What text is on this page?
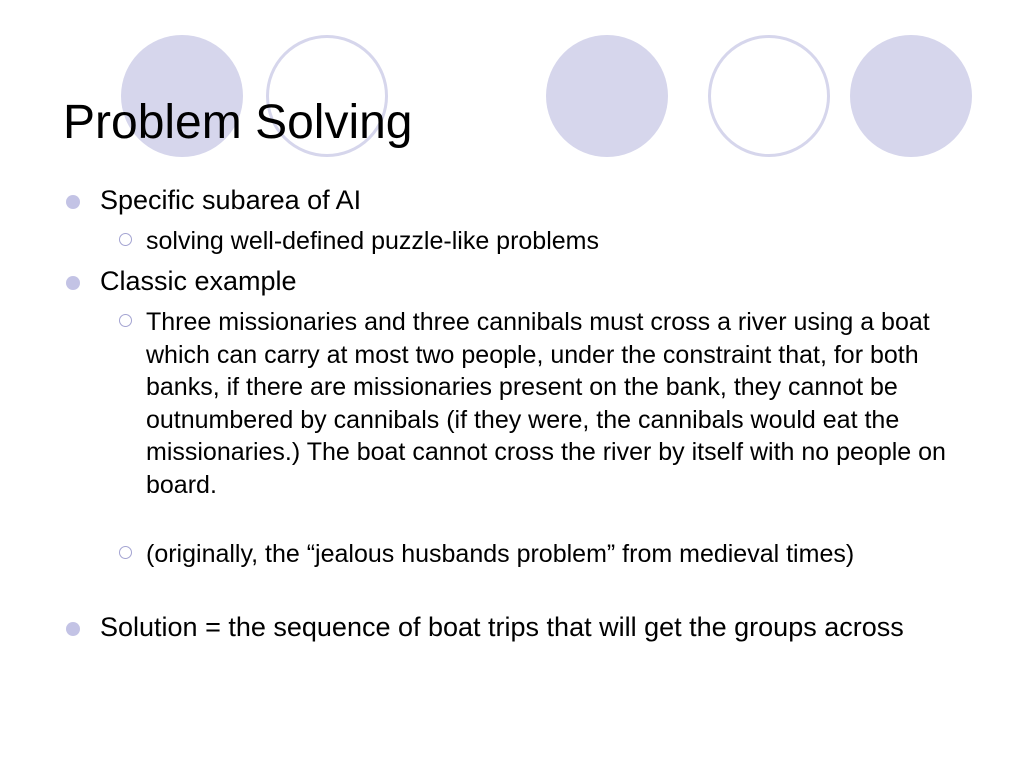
Problem Solving
Specific subarea of AI
solving well-defined puzzle-like problems
Classic example
Three missionaries and three cannibals must cross a river using a boat which can carry at most two people, under the constraint that, for both banks, if there are missionaries present on the bank, they cannot be outnumbered by cannibals (if they were, the cannibals would eat the missionaries.) The boat cannot cross the river by itself with no people on board.
(originally, the “jealous husbands problem” from medieval times)
Solution = the sequence of boat trips that will get the groups across
